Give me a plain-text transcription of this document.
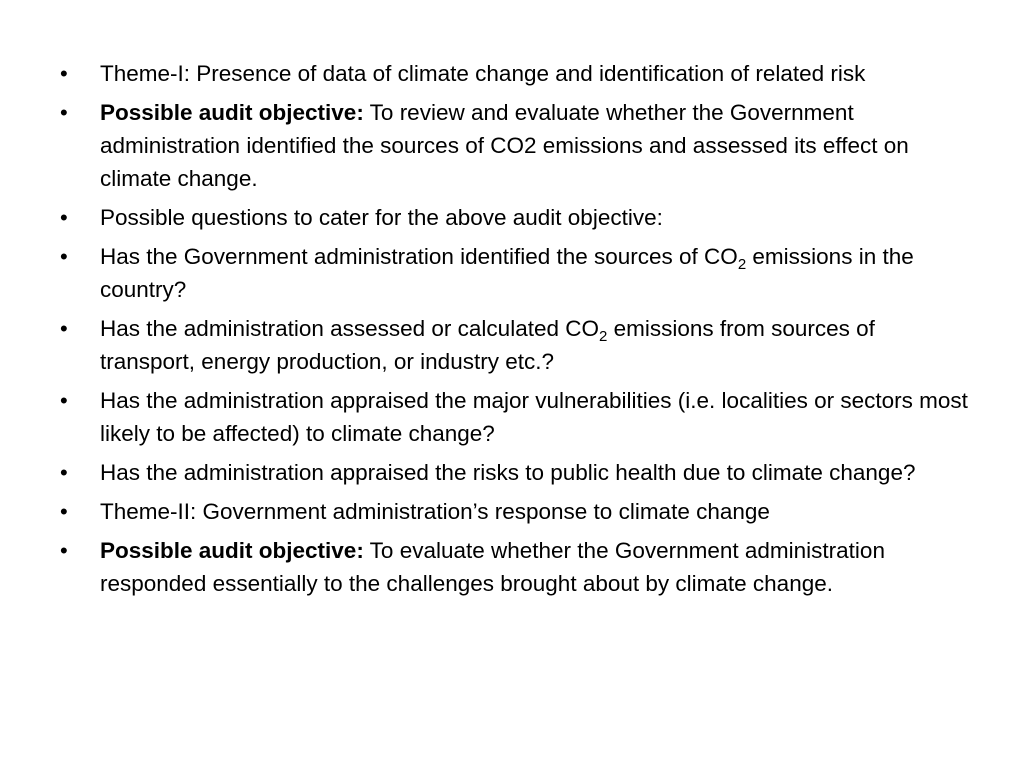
•	Theme-I: Presence of data of climate change and identification of related risk
•	Possible audit objective: To review and evaluate whether the Government administration identified the sources of CO2 emissions and assessed its effect on climate change.
•	Possible questions to cater for the above audit objective:
•	Has the Government administration identified the sources of $CO_2$ emissions in the country?
•	Has the administration assessed or calculated $CO_2$ emissions from sources of transport, energy production, or industry etc.?
•	Has the administration appraised the major vulnerabilities (i.e. localities or sectors most likely to be affected) to climate change?
•	Has the administration appraised the risks to public health due to climate change?
•	Theme-II: Government administration’s response to climate change
•	Possible audit objective: To evaluate whether the Government administration responded essentially to the challenges brought about by climate change.
